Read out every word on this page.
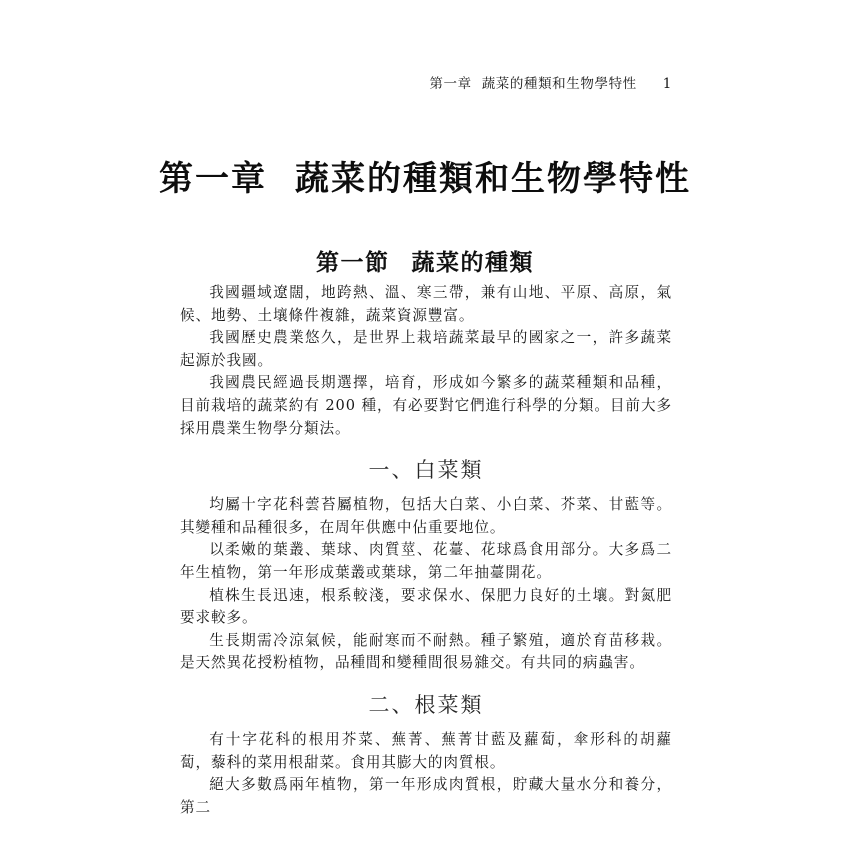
第一章 蔬菜的種類和生物學特性 1
第一章 蔬菜的種類和生物學特性
第一節 蔬菜的種類

我國疆域遼闊，地跨熱、溫、寒三帶，兼有山地、平原、高原，氣候、地勢、土壤條件複雜，蔬菜資源豐富。

我國歷史農業悠久，是世界上栽培蔬菜最早的國家之一，許多蔬菜起源於我國。

我國農民經過長期選擇，培育，形成如今繁多的蔬菜種類和品種，目前栽培的蔬菜約有 200 種，有必要對它們進行科學的分類。目前大多採用農業生物學分類法。

一、白菜類

均屬十字花科蕓苔屬植物，包括大白菜、小白菜、芥菜、甘藍等。其變種和品種很多，在周年供應中佔重要地位。

以柔嫩的葉叢、葉球、肉質莖、花薹、花球爲食用部分。大多爲二年生植物，第一年形成葉叢或葉球，第二年抽薹開花。

植株生長迅速，根系較淺，要求保水、保肥力良好的土壤。對氮肥要求較多。

生長期需冷涼氣候，能耐寒而不耐熱。種子繁殖，適於育苗移栽。是天然異花授粉植物，品種間和變種間很易雜交。有共同的病蟲害。

二、根菜類

有十字花科的根用芥菜、蕪菁、蕪菁甘藍及蘿蔔，傘形科的胡蘿蔔，藜科的菜用根甜菜。食用其膨大的肉質根。

絕大多數爲兩年植物，第一年形成肉質根，貯藏大量水分和養分，第二
